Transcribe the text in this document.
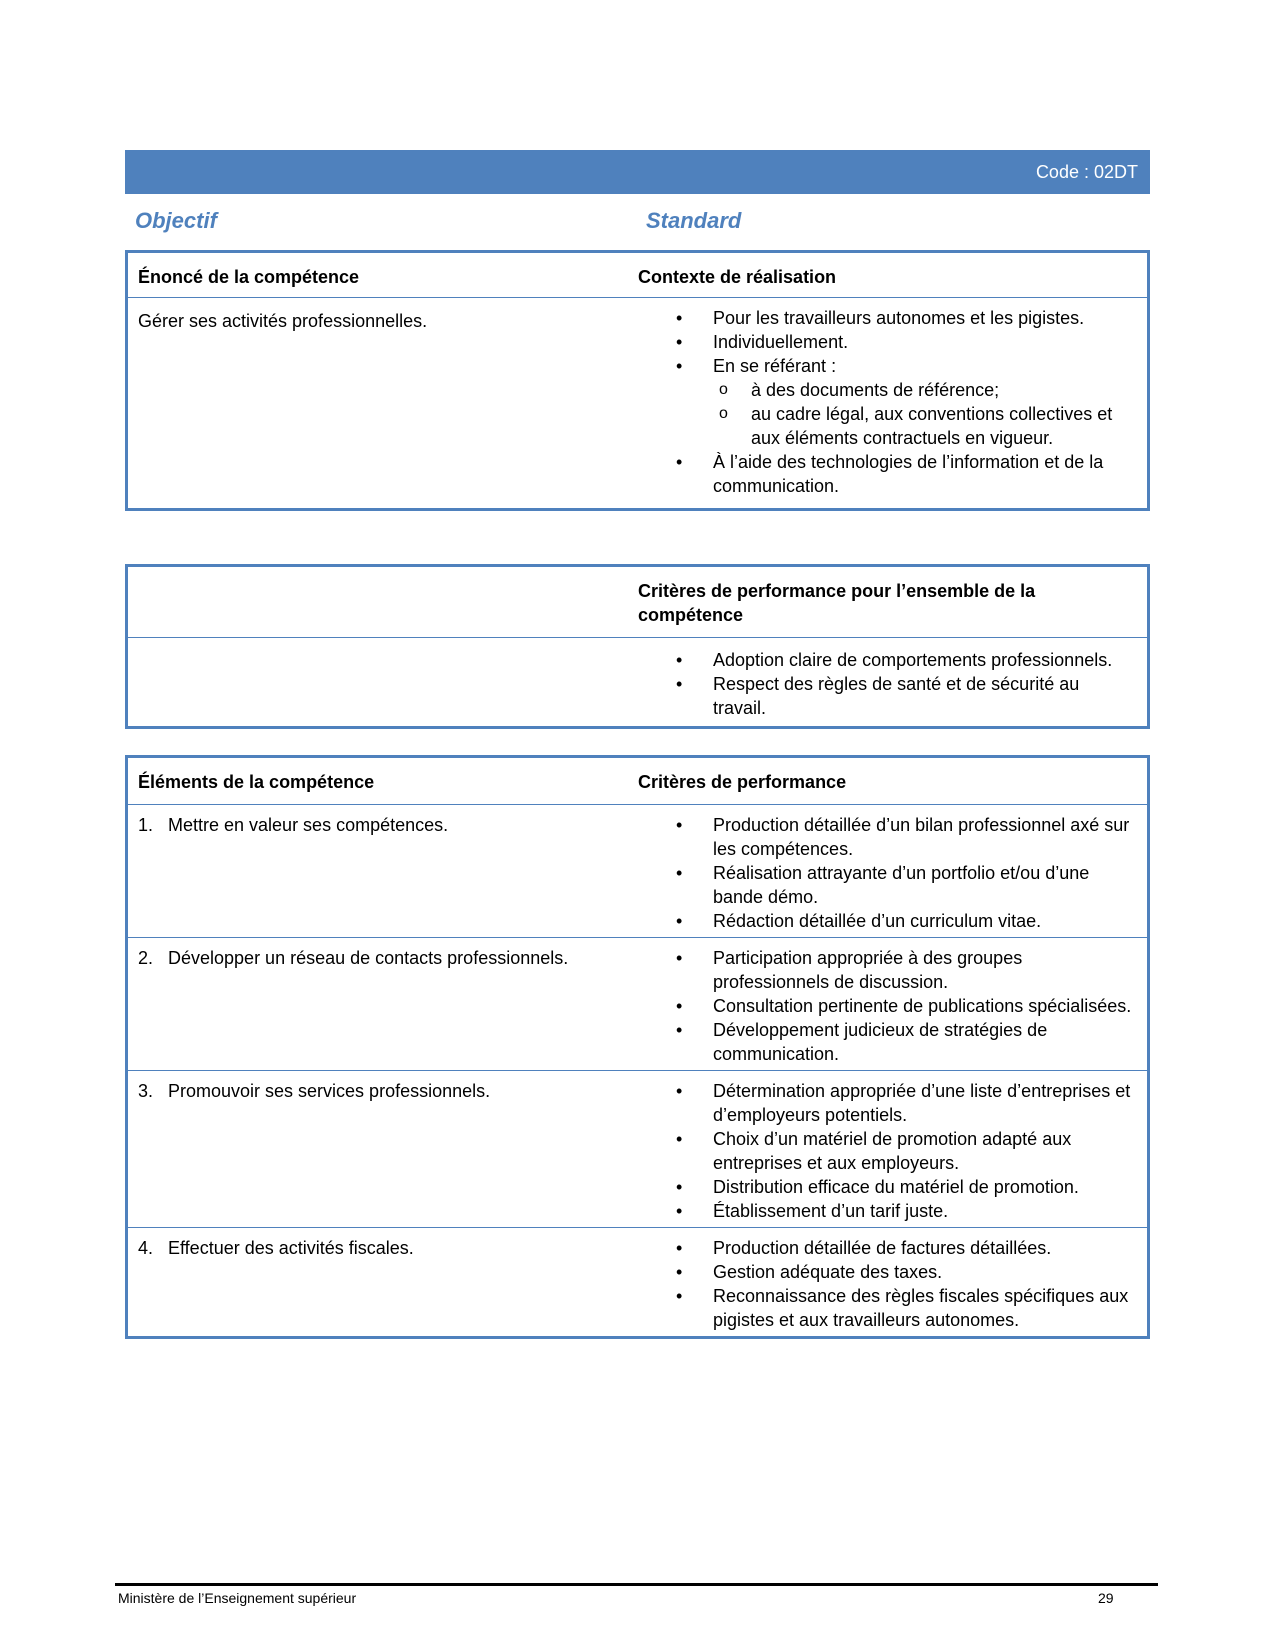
Code : 02DT
Objectif	Standard
Énoncé de la compétence	Contexte de réalisation
Gérer ses activités professionnelles.	• Pour les travailleurs autonomes et les pigistes.
• Individuellement.
• En se référant :
o à des documents de référence;
o au cadre légal, aux conventions collectives et aux éléments contractuels en vigueur.
• À l’aide des technologies de l’information et de la communication.
Critères de performance pour l’ensemble de la compétence
• Adoption claire de comportements professionnels.
• Respect des règles de santé et de sécurité au travail.
Éléments de la compétence	Critères de performance
1. Mettre en valeur ses compétences.	• Production détaillée d’un bilan professionnel axé sur les compétences.
• Réalisation attrayante d’un portfolio et/ou d’une bande démo.
• Rédaction détaillée d’un curriculum vitae.
2. Développer un réseau de contacts professionnels.	• Participation appropriée à des groupes professionnels de discussion.
• Consultation pertinente de publications spécialisées.
• Développement judicieux de stratégies de communication.
3. Promouvoir ses services professionnels.	• Détermination appropriée d’une liste d’entreprises et d’employeurs potentiels.
• Choix d’un matériel de promotion adapté aux entreprises et aux employeurs.
• Distribution efficace du matériel de promotion.
• Établissement d’un tarif juste.
4. Effectuer des activités fiscales.	• Production détaillée de factures détaillées.
• Gestion adéquate des taxes.
• Reconnaissance des règles fiscales spécifiques aux pigistes et aux travailleurs autonomes.
Ministère de l’Enseignement supérieur	29
